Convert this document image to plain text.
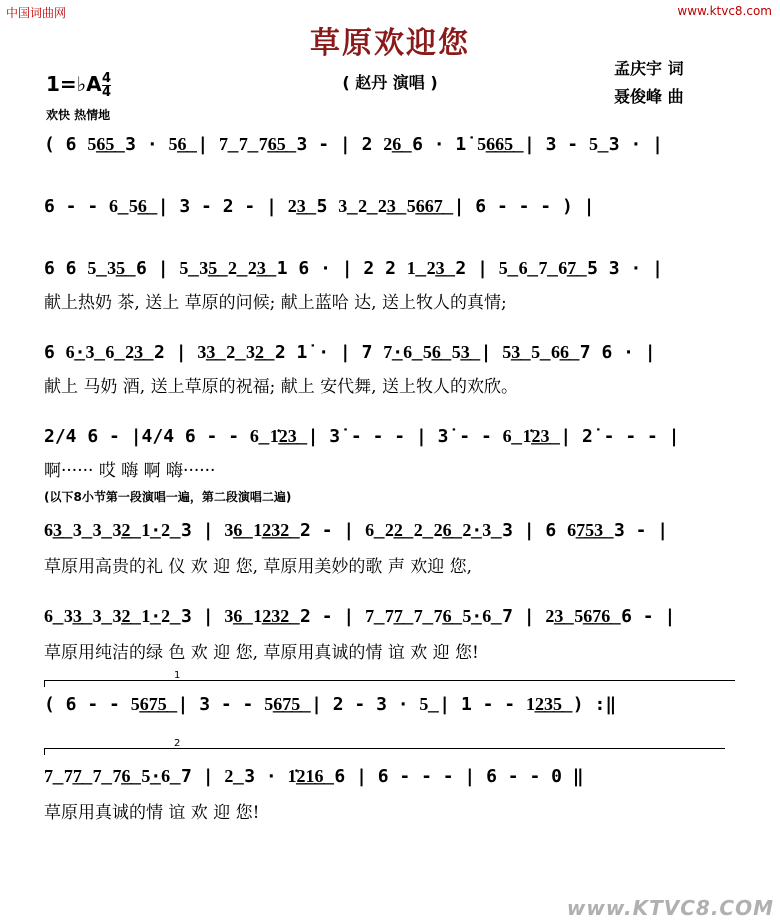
中国词曲网	www.ktvc8.com
草原欢迎您
( 赵丹 演唱 )
孟庆宇 词
聂俊峰 曲
1=♭A $\frac{4}{4}$
欢快 热情地
( 6 5͟6͟5͟ 3 · 5͟6͟ | 7͟ 7͟ 7͟6͟5͟ 3 - | 2 2͟6͟ 6 · 1̇ 5͟6͟6͟5͟ | 3 - 5͟ 3 · |
6 - - 6͟ 5͟6͟ | 3 - 2 - | 2͟3͟ 5 3͟ 2͟ 2͟3͟ 5͟6͟6͟7͟ | 6 - - - ) |
6 6 5͟ 3͟5͟ 6 | 5͟ 3͟5͟ 2͟ 2͟3͟ 1 6 · | 2 2 1͟ 2͟3͟ 2 | 5͟ 6͟ 7͟ 6͟7͟ 5 3 · |
献上热奶 茶, 送上 草原的问候; 献上蓝哈 达, 送上牧人的真情;
6 6͟·3͟ 6͟ 2͟3͟ 2 | 3͟3͟ 2͟ 3͟2͟ 2 1̇ · | 7 7͟·6͟ 5͟6͟ 5͟3͟ | 5͟3͟ 5͟ 6͟6͟ 7 6 · |
献上 马奶 酒, 送上草原的祝福; 献上 安代舞, 送上牧人的欢欣。
2/4 6 - |4/4 6 - - 6͟ 1̇͟2͟3͟ | 3̇ - - - | 3̇ - - 6͟ 1̇͟2͟3͟ | 2̇ - - - |
啊······ 哎 嗨 啊 嗨······
(以下8小节第一段演唱一遍，第二段演唱二遍)
6͟3͟ 3͟ 3͟ 3͟2͟ 1͟·2͟ 3 | 3͟6͟ 1͟2͟3͟2͟ 2 - | 6͟ 2͟2͟ 2͟ 2͟6͟ 2͟·3͟ 3 | 6 6͟7͟5͟3͟ 3 - |
草原用高贵的礼 仪 欢 迎 您, 草原用美妙的歌 声 欢迎 您,
6͟ 3͟3͟ 3͟ 3͟2͟ 1͟·2͟ 3 | 3͟6͟ 1͟2͟3͟2͟ 2 - | 7͟ 7͟7͟ 7͟ 7͟6͟ 5͟·6͟ 7 | 2͟3͟ 5͟6͟7͟6͟ 6 - |
草原用纯洁的绿 色 欢 迎 您, 草原用真诚的情 谊 欢 迎 您!
1
( 6 - - 5͟6͟7͟5͟ | 3 - - 5͟6͟7͟5͟ | 2 - 3 · 5͟ | 1 - - 1͟2͟3͟5͟ ) :‖
2
7͟ 7͟7͟ 7͟ 7͟6͟ 5͟·6͟ 7 | 2͟ 3 · 1̇͟2͟1͟6͟ 6 | 6 - - - | 6 - - 0 ‖
草原用真诚的情 谊 欢 迎 您!
www.KTVC8.COM
